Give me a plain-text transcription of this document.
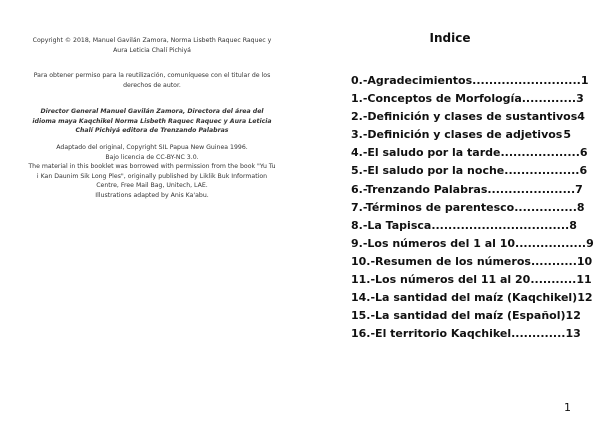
Copyright © 2018, Manuel Gavilán Zamora, Norma Lisbeth Raquec Raquec y Aura Leticia Chalí Pichiyá
Para obtener permiso para la reutilización, comuníquese con el titular de los derechos de autor.
Director General Manuel Gavilán Zamora, Directora del área del idioma maya Kaqchikel Norma Lisbeth Raquec Raquec y Aura Leticia Chalí Pichiyá editora de Trenzando Palabras
Adaptado del original, Copyright SIL Papua New Guinea 1996.
Bajo licencia de CC-BY-NC 3.0.
The material in this booklet was borrowed with permission from the book "Yu Tu i Kan Daunim Sik Long Ples", originally published by Liklik Buk Information Centre, Free Mail Bag, Unitech, LAE.
Illustrations adapted by Anis Ka'abu.
Indice
0.-Agradecimientos .......................... 1
1.-Conceptos de Morfología ............. 3
2.-Definición y clases de sustantivos 4
3.-Definición y clases de adjetivos 5
4.-El saludo por la tarde ................... 6
5.-El saludo por la noche .................. 6
6.-Trenzando Palabras ..................... 7
7.-Términos de parentesco ............... 8
8.-La Tapisca ................................. 8
9.-Los números del 1 al 10 ................. 9
10.-Resumen de los números ........... 10
11.-Los números del 11 al 20 ........... 11
14.-La santidad del maíz (Kaqchikel) 12
15.-La santidad del maíz (Español) 12
16.-El territorio Kaqchikel ............. 13
1
